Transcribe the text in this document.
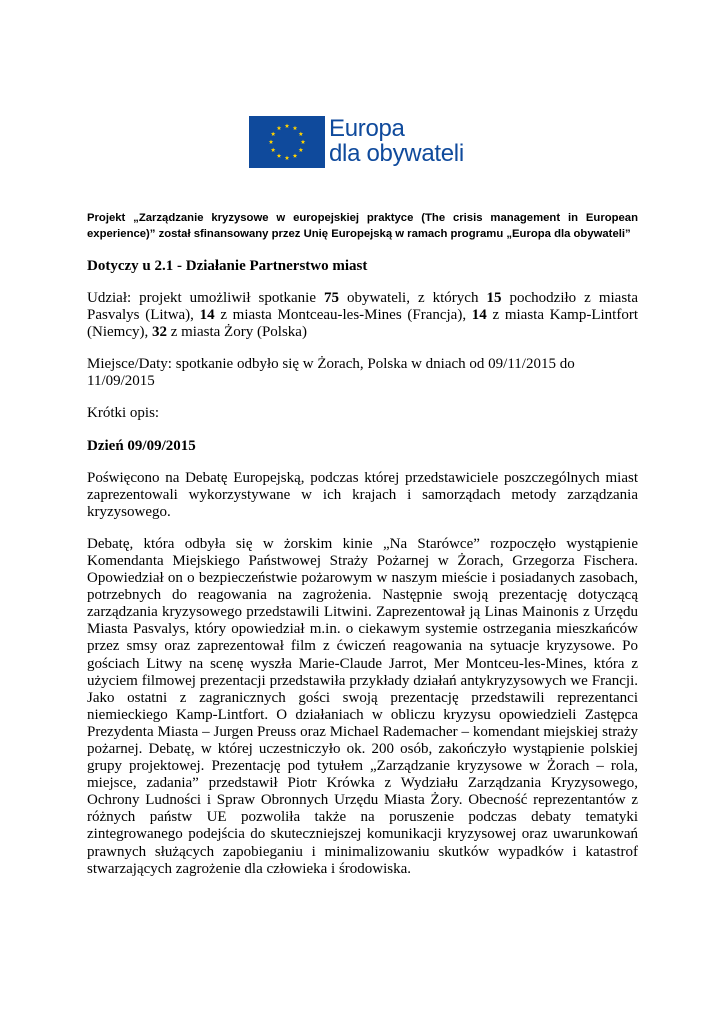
Europa
dla obywateli

Projekt „Zarządzanie kryzysowe w europejskiej praktyce (The crisis management in European experience)” został sfinansowany przez Unię Europejską w ramach programu „Europa dla obywateli”

Dotyczy u 2.1 - Działanie Partnerstwo miast

Udział: projekt umożliwił spotkanie 75 obywateli, z których 15 pochodziło z miasta Pasvalys (Litwa), 14 z miasta Montceau-les-Mines (Francja), 14 z miasta Kamp-Lintfort (Niemcy), 32 z miasta Żory (Polska)

Miejsce/Daty: spotkanie odbyło się w Żorach, Polska w dniach od 09/11/2015 do 11/09/2015

Krótki opis:

Dzień 09/09/2015

Poświęcono na Debatę Europejską, podczas której przedstawiciele poszczególnych miast zaprezentowali wykorzystywane w ich krajach i samorządach metody zarządzania kryzysowego.

Debatę, która odbyła się w żorskim kinie „Na Starówce” rozpoczęło wystąpienie Komendanta Miejskiego Państwowej Straży Pożarnej w Żorach, Grzegorza Fischera. Opowiedział on o bezpieczeństwie pożarowym w naszym mieście i posiadanych zasobach, potrzebnych do reagowania na zagrożenia. Następnie swoją prezentację dotyczącą zarządzania kryzysowego przedstawili Litwini. Zaprezentował ją Linas Mainonis z Urzędu Miasta Pasvalys, który opowiedział m.in. o ciekawym systemie ostrzegania mieszkańców przez smsy oraz zaprezentował film z ćwiczeń reagowania na sytuacje kryzysowe. Po gościach Litwy na scenę wyszła Marie-Claude Jarrot, Mer Montceu-les-Mines, która z użyciem filmowej prezentacji przedstawiła przykłady działań antykryzysowych we Francji. Jako ostatni z zagranicznych gości swoją prezentację przedstawili reprezentanci niemieckiego Kamp-Lintfort. O działaniach w obliczu kryzysu opowiedzieli Zastępca Prezydenta Miasta – Jurgen Preuss oraz Michael Rademacher – komendant miejskiej straży pożarnej. Debatę, w której uczestniczyło ok. 200 osób, zakończyło wystąpienie polskiej grupy projektowej. Prezentację pod tytułem „Zarządzanie kryzysowe w Żorach – rola, miejsce, zadania” przedstawił Piotr Krówka z Wydziału Zarządzania Kryzysowego, Ochrony Ludności i Spraw Obronnych Urzędu Miasta Żory. Obecność reprezentantów z różnych państw UE pozwoliła także na poruszenie podczas debaty tematyki zintegrowanego podejścia do skuteczniejszej komunikacji kryzysowej oraz uwarunkowań prawnych służących zapobieganiu i minimalizowaniu skutków wypadków i katastrof stwarzających zagrożenie dla człowieka i środowiska.
